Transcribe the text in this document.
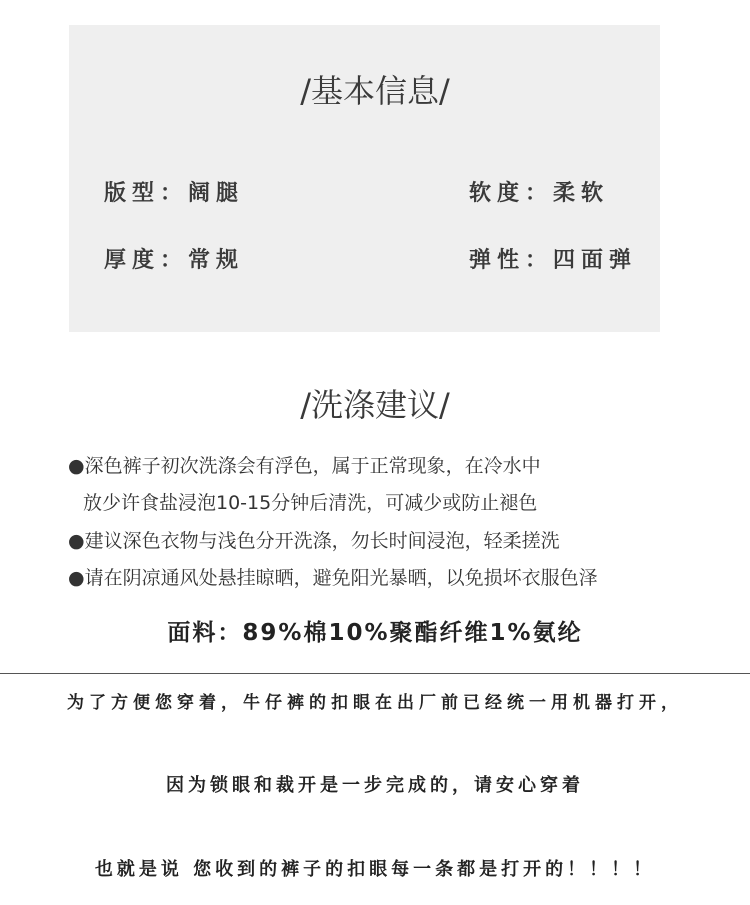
/基本信息/
版型：阔腿	软度：柔软
厚度：常规	弹性：四面弹
/洗涤建议/
●深色裤子初次洗涤会有浮色，属于正常现象，在冷水中
放少许食盐浸泡10-15分钟后清洗，可减少或防止褪色
●建议深色衣物与浅色分开洗涤，勿长时间浸泡，轻柔搓洗
●请在阴凉通风处悬挂晾晒，避免阳光暴晒，以免损坏衣服色泽
面料：89%棉10%聚酯纤维1%氨纶
为了方便您穿着，牛仔裤的扣眼在出厂前已经统一用机器打开，
因为锁眼和裁开是一步完成的，请安心穿着
也就是说 您收到的裤子的扣眼每一条都是打开的！！！！
